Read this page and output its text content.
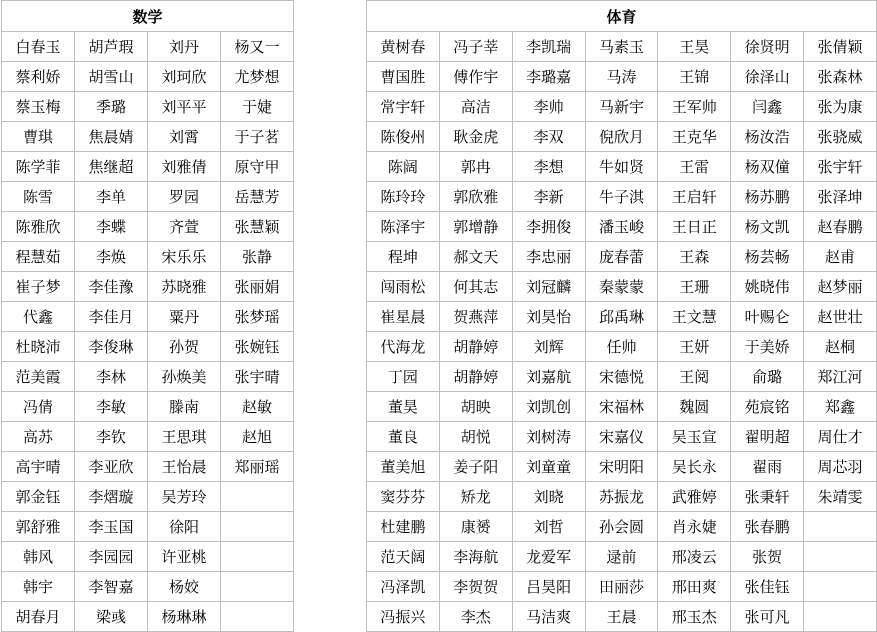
数学			
白春玉	胡芦瑕	刘丹	杨又一
蔡利娇	胡雪山	刘珂欣	尤梦想
蔡玉梅	季璐	刘平平	于婕
曹琪	焦晨婧	刘霄	于子茗
陈学菲	焦继超	刘雅倩	原守甲
陈雪	李单	罗园	岳慧芳
陈雅欣	李蝶	齐萱	张慧颖
程慧茹	李焕	宋乐乐	张静
崔子梦	李佳豫	苏晓雅	张丽娟
代鑫	李佳月	粟丹	张梦瑶
杜晓沛	李俊琳	孙贺	张婉钰
范美霞	李林	孙焕美	张宇晴
冯倩	李敏	滕南	赵敏
高苏	李钦	王思琪	赵旭
高宇晴	李亚欣	王怡晨	郑丽瑶
郭金钰	李熠璇	吴芳玲	
郭舒雅	李玉国	徐阳	
韩风	李园园	许亚桃	
韩宇	李智嘉	杨姣	
胡春月	梁彧	杨琳琳	
体育						
黄树春	冯子莘	李凯瑞	马素玉	王昊	徐贤明	张倩颖
曹国胜	傅作宇	李璐嘉	马涛	王锦	徐泽山	张森林
常宇轩	高洁	李帅	马新宇	王军帅	闫鑫	张为康
陈俊州	耿金虎	李双	倪欣月	王克华	杨汝浩	张骁威
陈阔	郭冉	李想	牛如贤	王雷	杨双僮	张宇轩
陈玲玲	郭欣雅	李新	牛子淇	王启轩	杨苏鹏	张泽坤
陈泽宇	郭增静	李拥俊	潘玉峻	王日正	杨文凯	赵春鹏
程坤	郝文天	李忠丽	庞春蕾	王森	杨芸畅	赵甫
闯雨松	何其志	刘冠麟	秦蒙蒙	王珊	姚晓伟	赵梦丽
崔星晨	贺燕萍	刘昊怡	邱禹琳	王文慧	叶赐仑	赵世壮
代海龙	胡静婷	刘辉	任帅	王妍	于美娇	赵桐
丁园	胡静婷	刘嘉航	宋德悦	王阅	俞璐	郑江河
董昊	胡映	刘凯创	宋福林	魏圆	苑宸铭	郑鑫
董良	胡悦	刘树涛	宋嘉仪	吴玉宣	翟明超	周仕才
董美旭	姜子阳	刘童童	宋明阳	吴长永	翟雨	周芯羽
窦芬芬	矫龙	刘晓	苏振龙	武雅婷	张秉轩	朱靖雯
杜建鹏	康赟	刘哲	孙会圆	肖永婕	张春鹏	
范天阔	李海航	龙爱军	逯前	邢凌云	张贺	
冯泽凯	李贺贺	吕昊阳	田丽莎	邢田爽	张佳钰	
冯振兴	李杰	马洁爽	王晨	邢玉杰	张可凡	
